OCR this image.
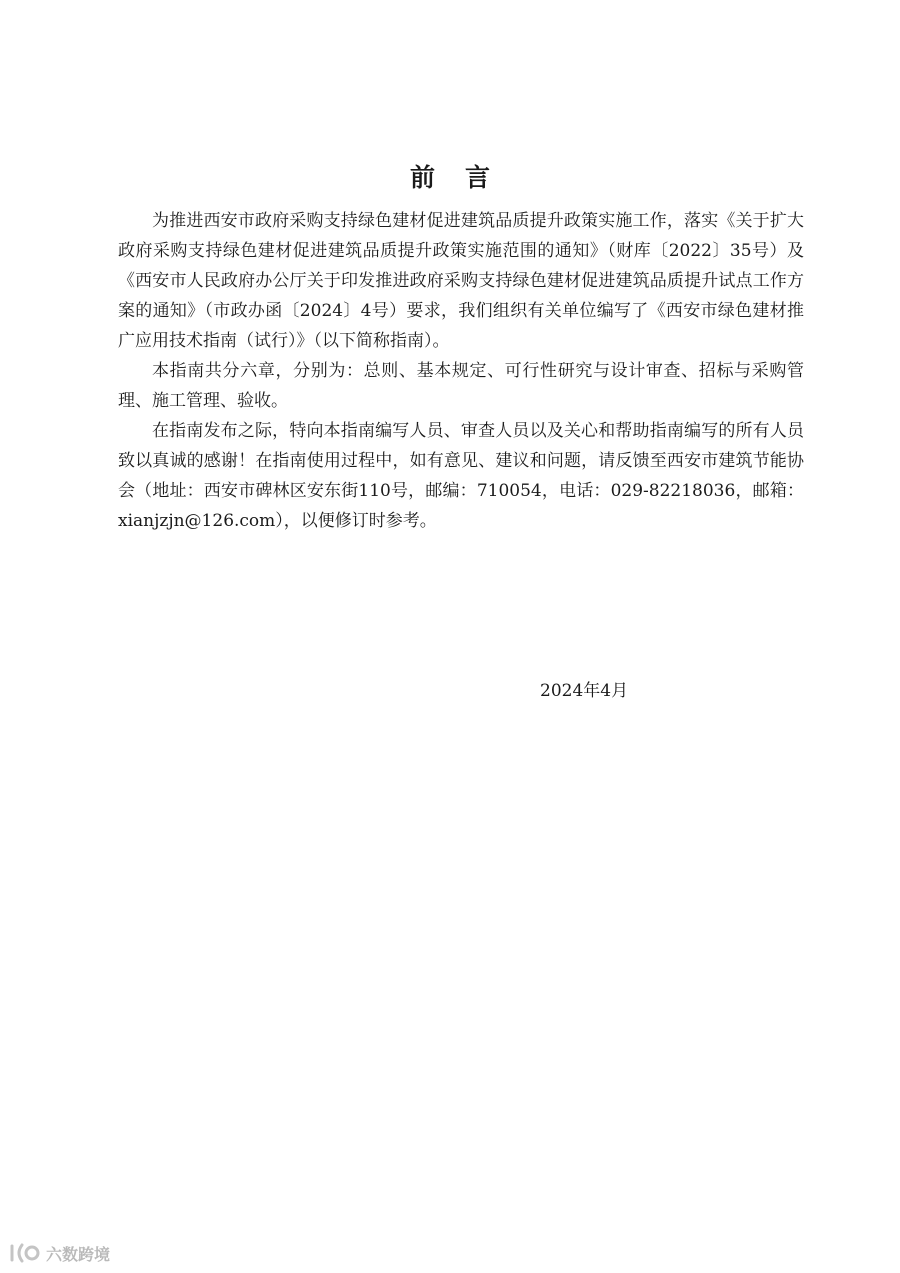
前言

为推进西安市政府采购支持绿色建材促进建筑品质提升政策实施工作，落实《关于扩大政府采购支持绿色建材促进建筑品质提升政策实施范围的通知》（财库〔2022〕35号）及《西安市人民政府办公厅关于印发推进政府采购支持绿色建材促进建筑品质提升试点工作方案的通知》（市政办函〔2024〕4号）要求，我们组织有关单位编写了《西安市绿色建材推广应用技术指南（试行）》（以下简称指南）。

本指南共分六章，分别为：总则、基本规定、可行性研究与设计审查、招标与采购管理、施工管理、验收。

在指南发布之际，特向本指南编写人员、审查人员以及关心和帮助指南编写的所有人员致以真诚的感谢！在指南使用过程中，如有意见、建议和问题，请反馈至西安市建筑节能协会（地址：西安市碑林区安东街110号，邮编：710054，电话：029-82218036，邮箱：xianjzjn@126.com），以便修订时参考。

2024年4月
六数跨境
